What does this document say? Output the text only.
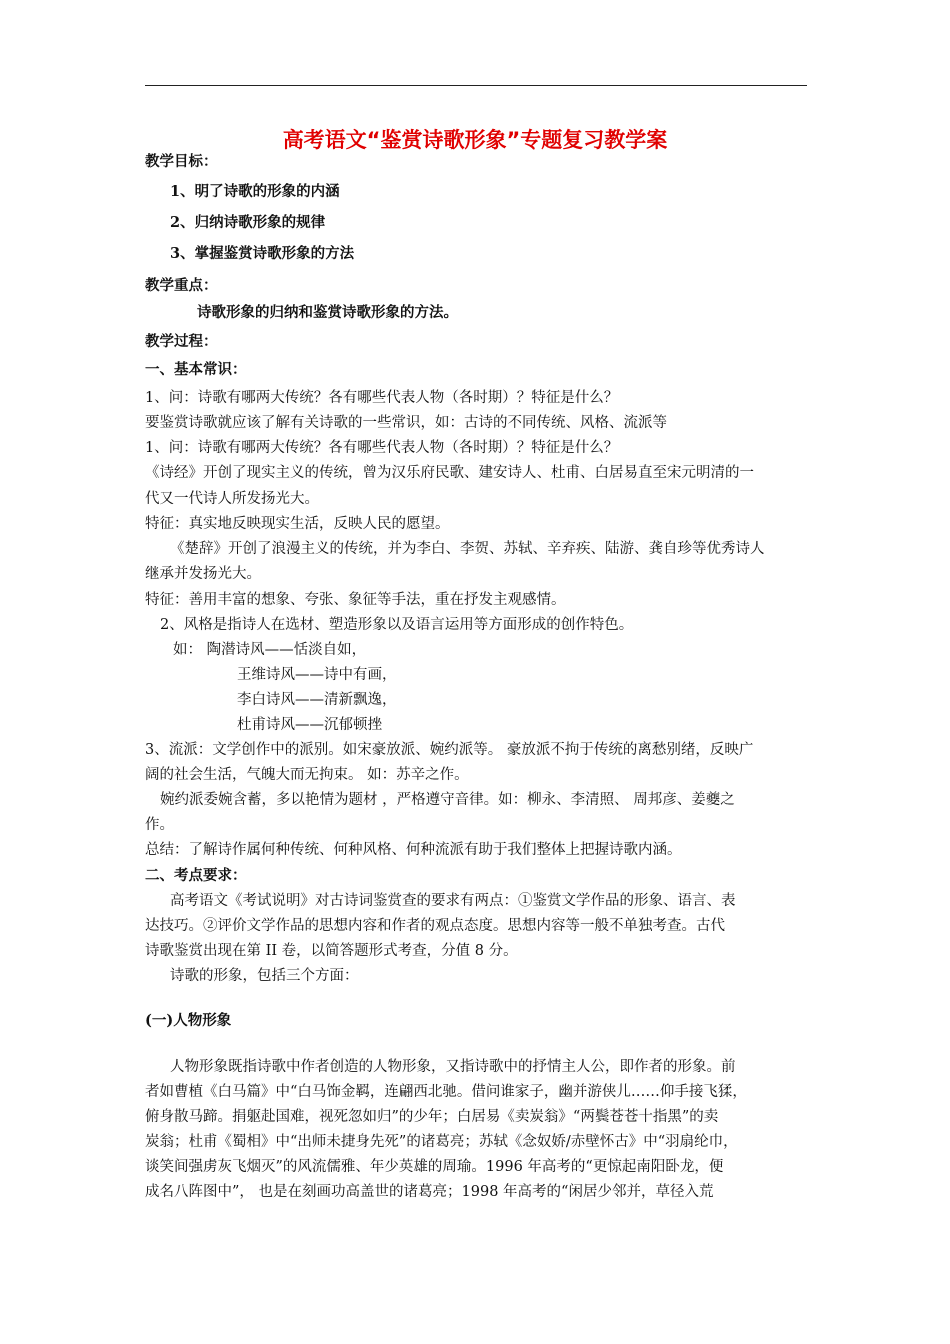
高考语文“鉴赏诗歌形象”专题复习教学案
教学目标：
1、明了诗歌的形象的内涵
2、归纳诗歌形象的规律
3、掌握鉴赏诗歌形象的方法
教学重点：
诗歌形象的归纳和鉴赏诗歌形象的方法。
教学过程：
一、基本常识：
1、问：诗歌有哪两大传统？各有哪些代表人物（各时期）？特征是什么？
要鉴赏诗歌就应该了解有关诗歌的一些常识，如：古诗的不同传统、风格、流派等
1、问：诗歌有哪两大传统？各有哪些代表人物（各时期）？特征是什么？
《诗经》开创了现实主义的传统，曾为汉乐府民歌、建安诗人、杜甫、白居易直至宋元明清的一
代又一代诗人所发扬光大。
特征：真实地反映现实生活，反映人民的愿望。
《楚辞》开创了浪漫主义的传统，并为李白、李贺、苏轼、辛弃疾、陆游、龚自珍等优秀诗人
继承并发扬光大。
特征：善用丰富的想象、夸张、象征等手法，重在抒发主观感情。
2、风格是指诗人在选材、塑造形象以及语言运用等方面形成的创作特色。
如： 陶潜诗风——恬淡自如，
王维诗风——诗中有画，
李白诗风——清新飘逸，
杜甫诗风——沉郁顿挫
3、流派：文学创作中的派别。如宋豪放派、婉约派等。 豪放派不拘于传统的离愁别绪，反映广
阔的社会生活，气魄大而无拘束。 如：苏辛之作。
婉约派委婉含蓄，多以艳情为题材 ，严格遵守音律。如：柳永、李清照、 周邦彦、姜夔之
作。
总结：了解诗作属何种传统、何种风格、何种流派有助于我们整体上把握诗歌内涵。
二、考点要求：
高考语文《考试说明》对古诗词鉴赏查的要求有两点：①鉴赏文学作品的形象、语言、表
达技巧。②评价文学作品的思想内容和作者的观点态度。思想内容等一般不单独考查。古代
诗歌鉴赏出现在第 II 卷，以简答题形式考查，分值 8 分。
诗歌的形象，包括三个方面：
(一)人物形象
人物形象既指诗歌中作者创造的人物形象，又指诗歌中的抒情主人公，即作者的形象。前
者如曹植《白马篇》中“白马饰金羁，连翩西北驰。借问谁家子，幽并游侠儿……仰手接飞猱，
俯身散马蹄。捐躯赴国难，视死忽如归”的少年；白居易《卖炭翁》“两鬓苍苍十指黑”的卖
炭翁；杜甫《蜀相》中“出师未捷身先死”的诸葛亮；苏轼《念奴娇/赤壁怀古》中“羽扇纶巾，
谈笑间强虏灰飞烟灭”的风流儒雅、年少英雄的周瑜。1996 年高考的“更惊起南阳卧龙，便
成名八阵图中”， 也是在刻画功高盖世的诸葛亮；1998 年高考的“闲居少邻并，草径入荒
